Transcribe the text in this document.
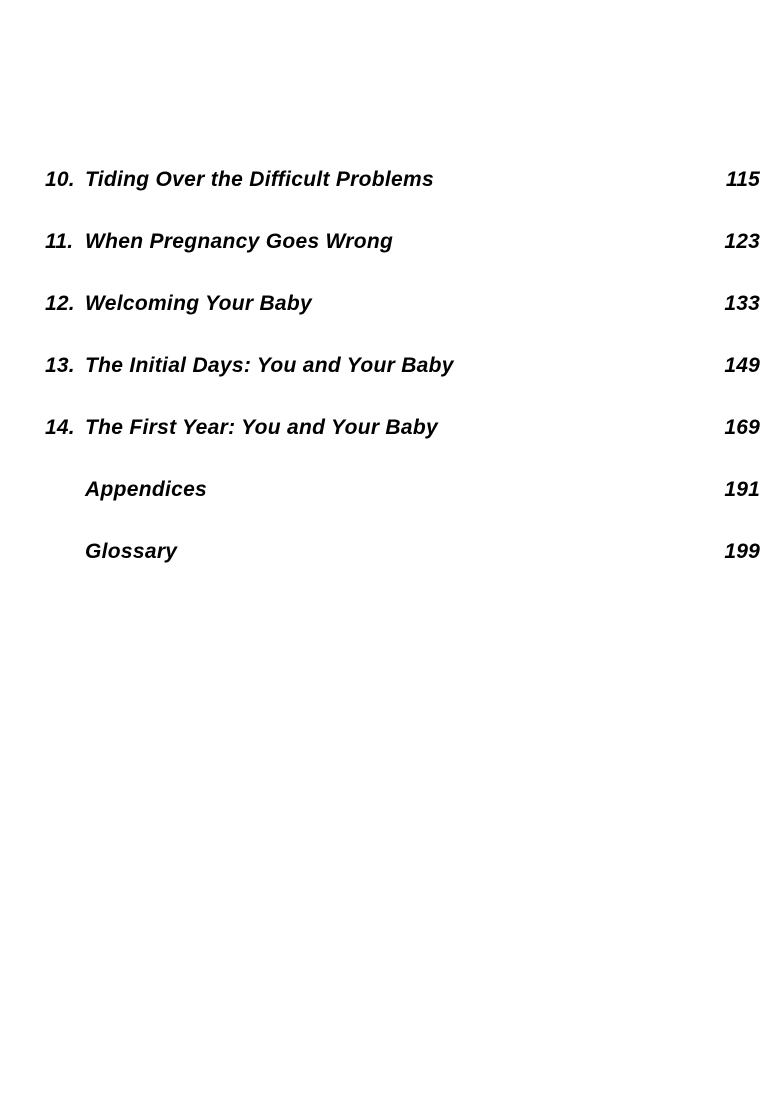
10. Tiding Over the Difficult Problems	115
11. When Pregnancy Goes Wrong	123
12. Welcoming Your Baby	133
13. The Initial Days: You and Your Baby	149
14. The First Year: You and Your Baby	169
Appendices	191
Glossary	199
